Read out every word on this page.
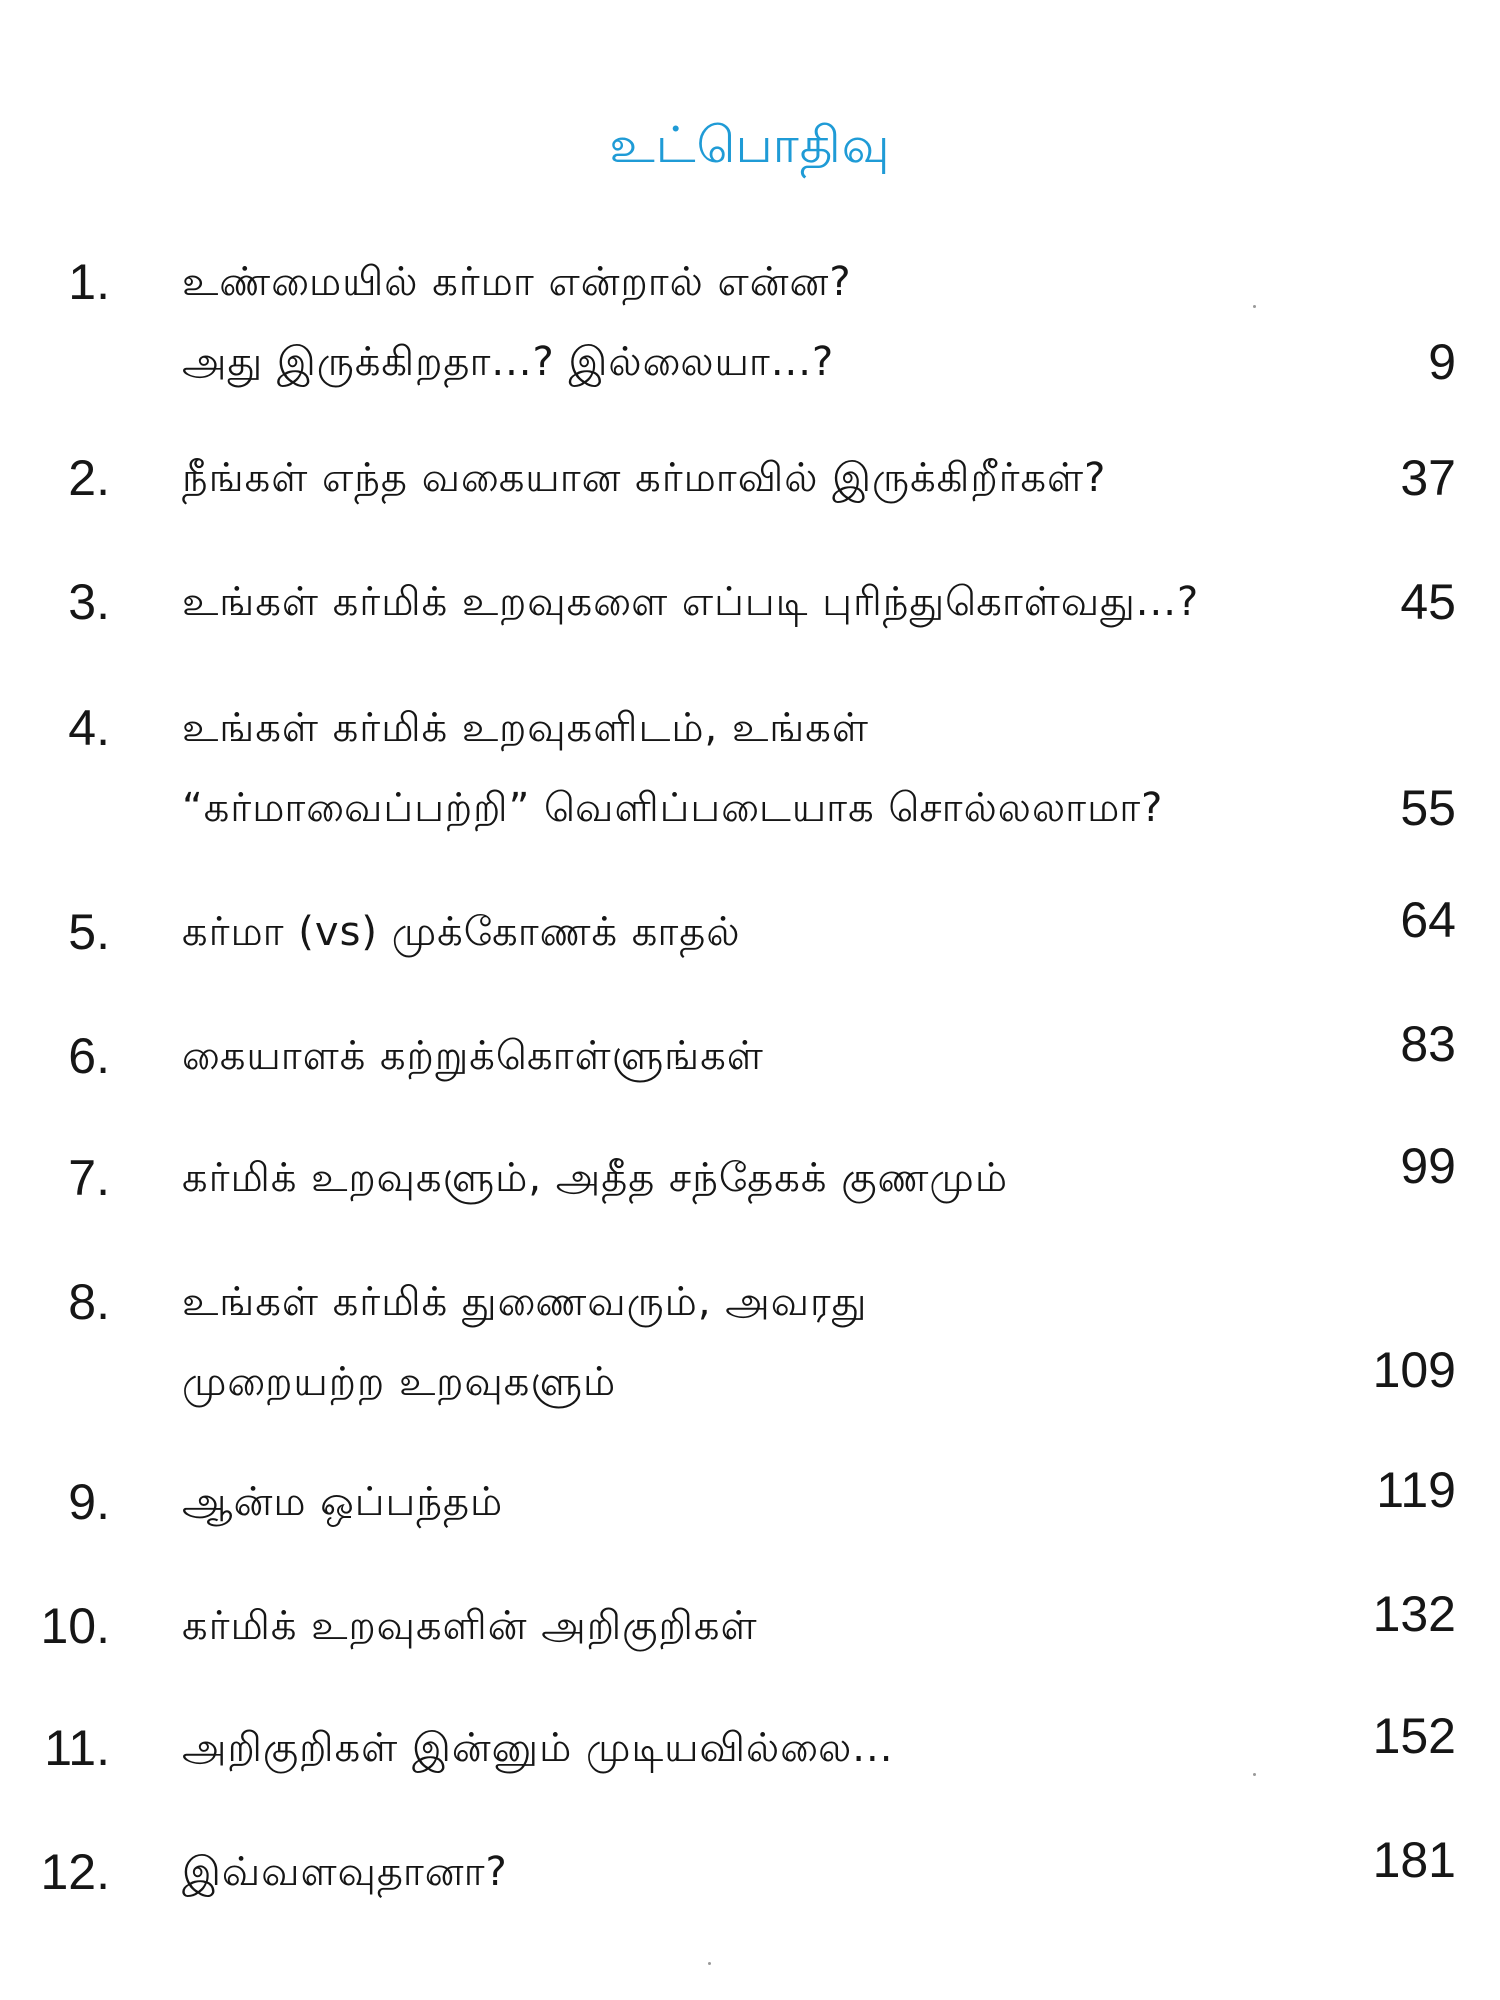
உட்பொதிவு
1. உண்மையில் கர்மா என்றால் என்ன?
அது இருக்கிறதா...? இல்லையா...?	9
2. நீங்கள் எந்த வகையான கர்மாவில் இருக்கிறீர்கள்?	37
3. உங்கள் கர்மிக் உறவுகளை எப்படி புரிந்துகொள்வது...?	45
4. உங்கள் கர்மிக் உறவுகளிடம், உங்கள்
“கர்மாவைப்பற்றி” வெளிப்படையாக சொல்லலாமா?	55
5. கர்மா (vs) முக்கோணக் காதல்	64
6. கையாளக் கற்றுக்கொள்ளுங்கள்	83
7. கர்மிக் உறவுகளும், அதீத சந்தேகக் குணமும்	99
8. உங்கள் கர்மிக் துணைவரும், அவரது
முறையற்ற உறவுகளும்	109
9. ஆன்ம ஒப்பந்தம்	119
10. கர்மிக் உறவுகளின் அறிகுறிகள்	132
11. அறிகுறிகள் இன்னும் முடியவில்லை...	152
12. இவ்வளவுதானா?	181
